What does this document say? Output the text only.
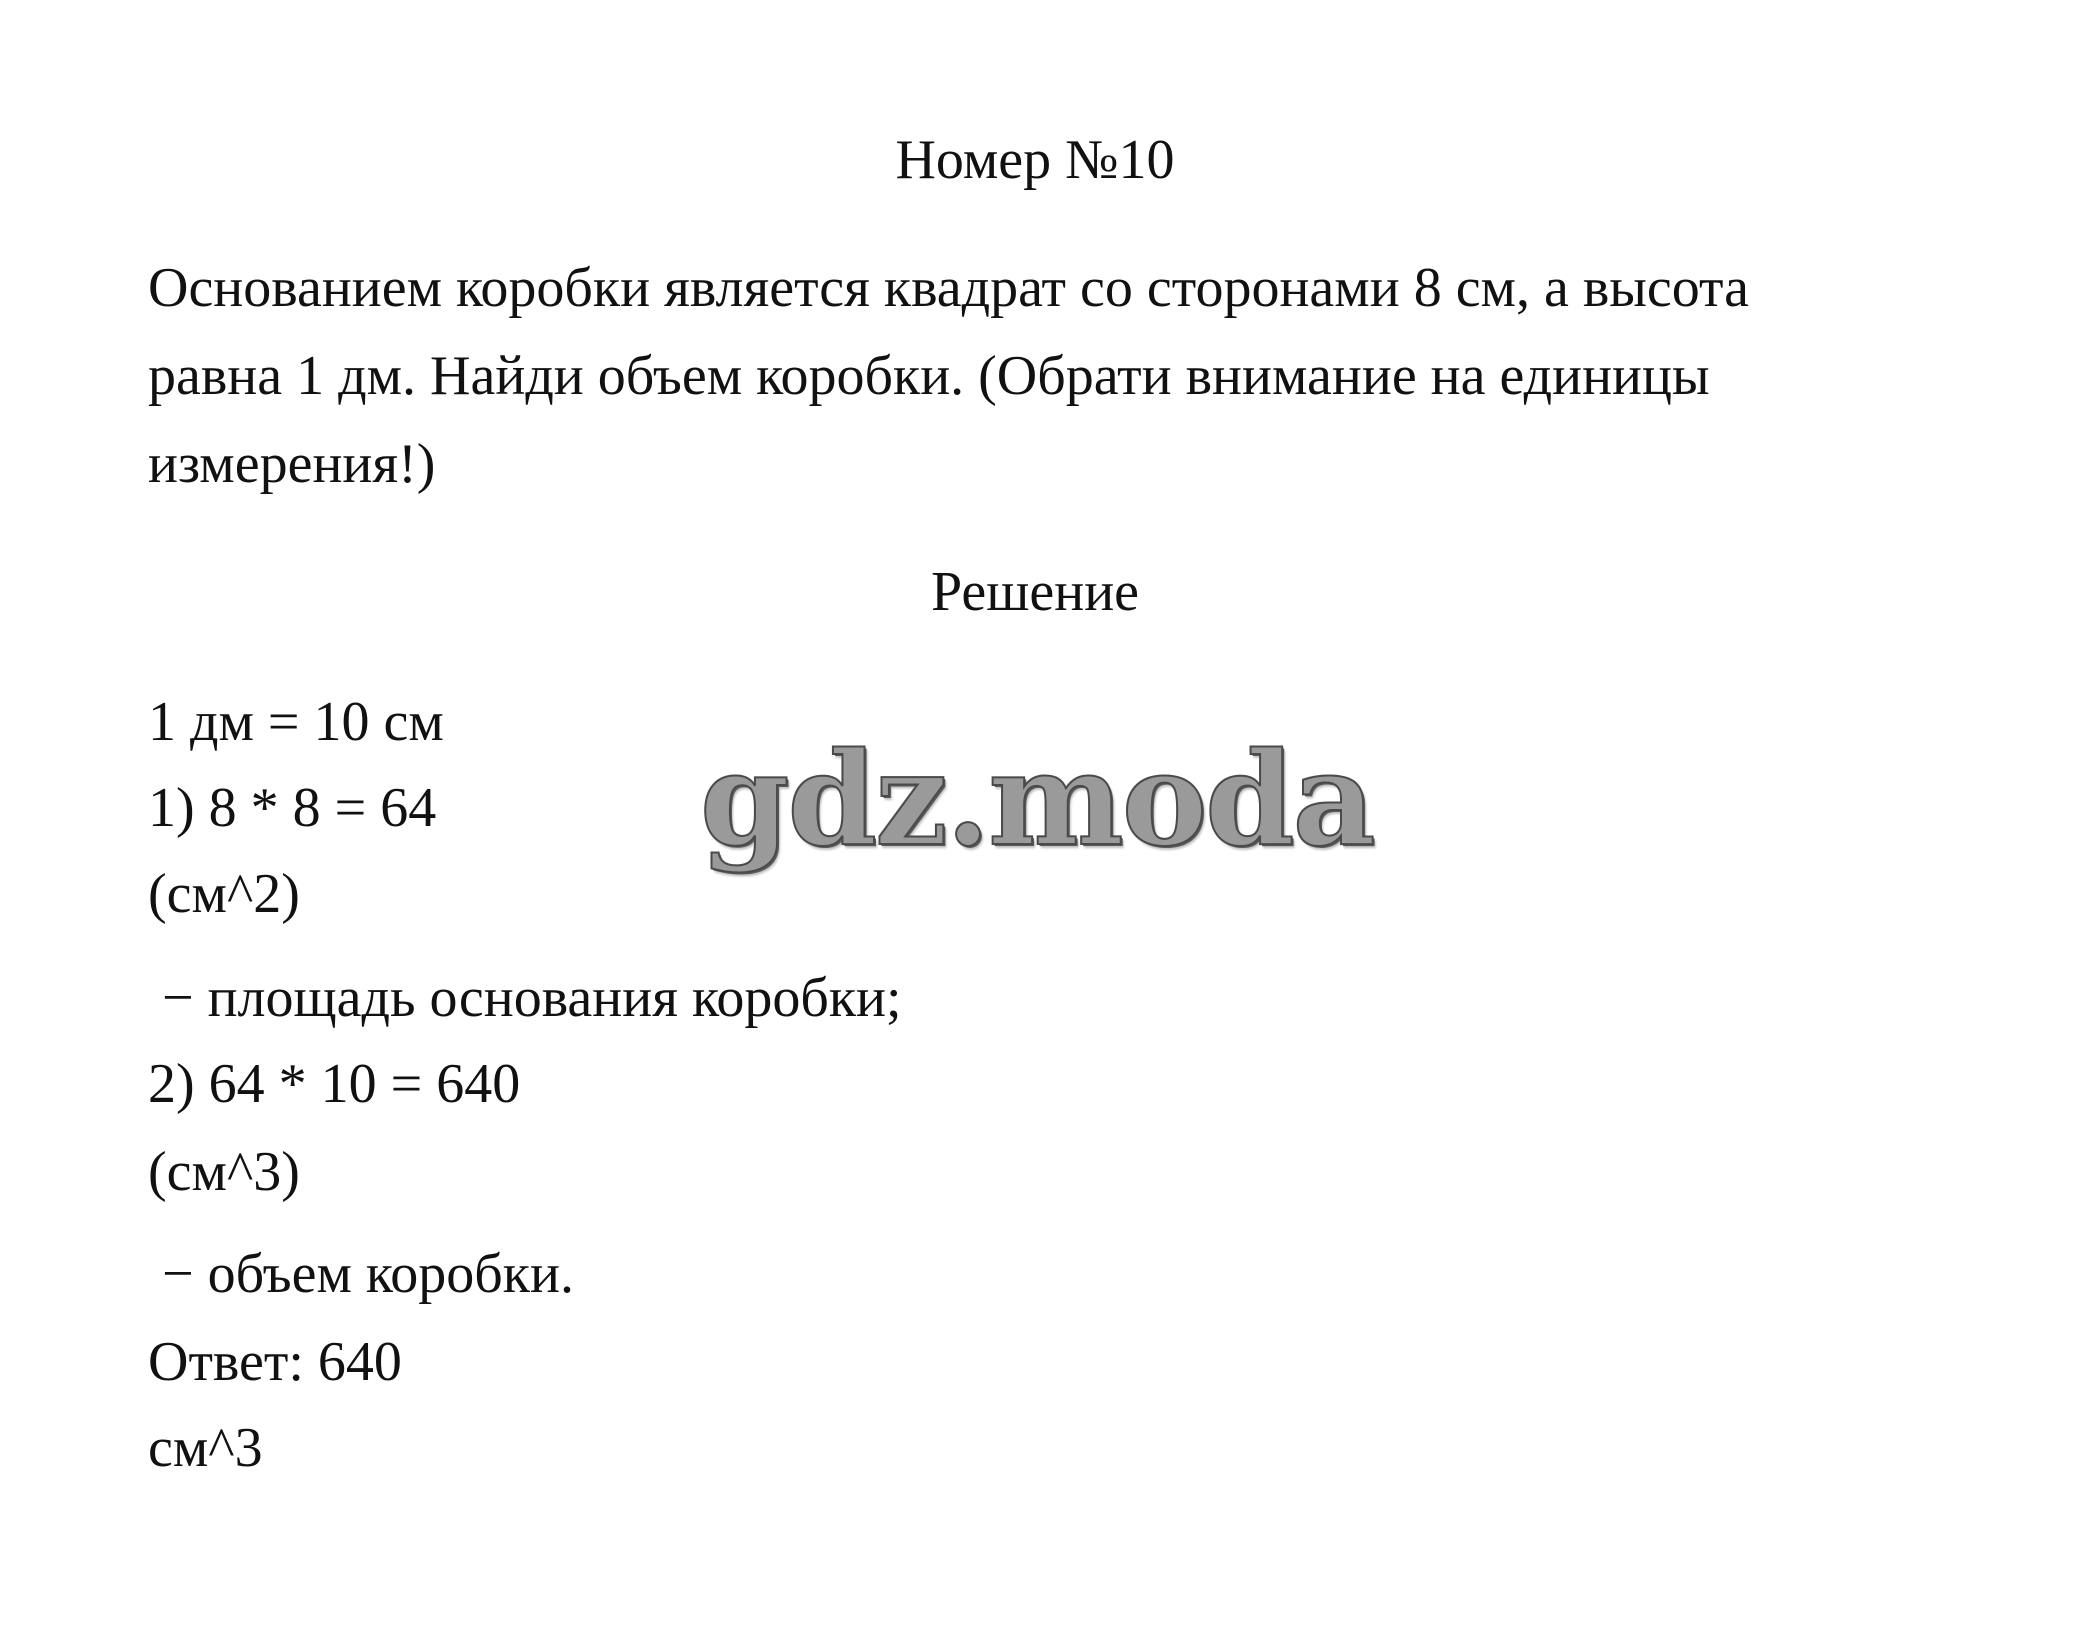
Номер №10
Основанием коробки является квадрат со сторонами 8 см, а высота
равна 1 дм. Найди объем коробки. (Обрати внимание на единицы
измерения!)
Решение
1 дм = 10 см
1) 8 * 8 = 64
(см^2)
− площадь основания коробки;
2) 64 * 10 = 640
(см^3)
− объем коробки.
Ответ: 640
см^3
gdz.moda
